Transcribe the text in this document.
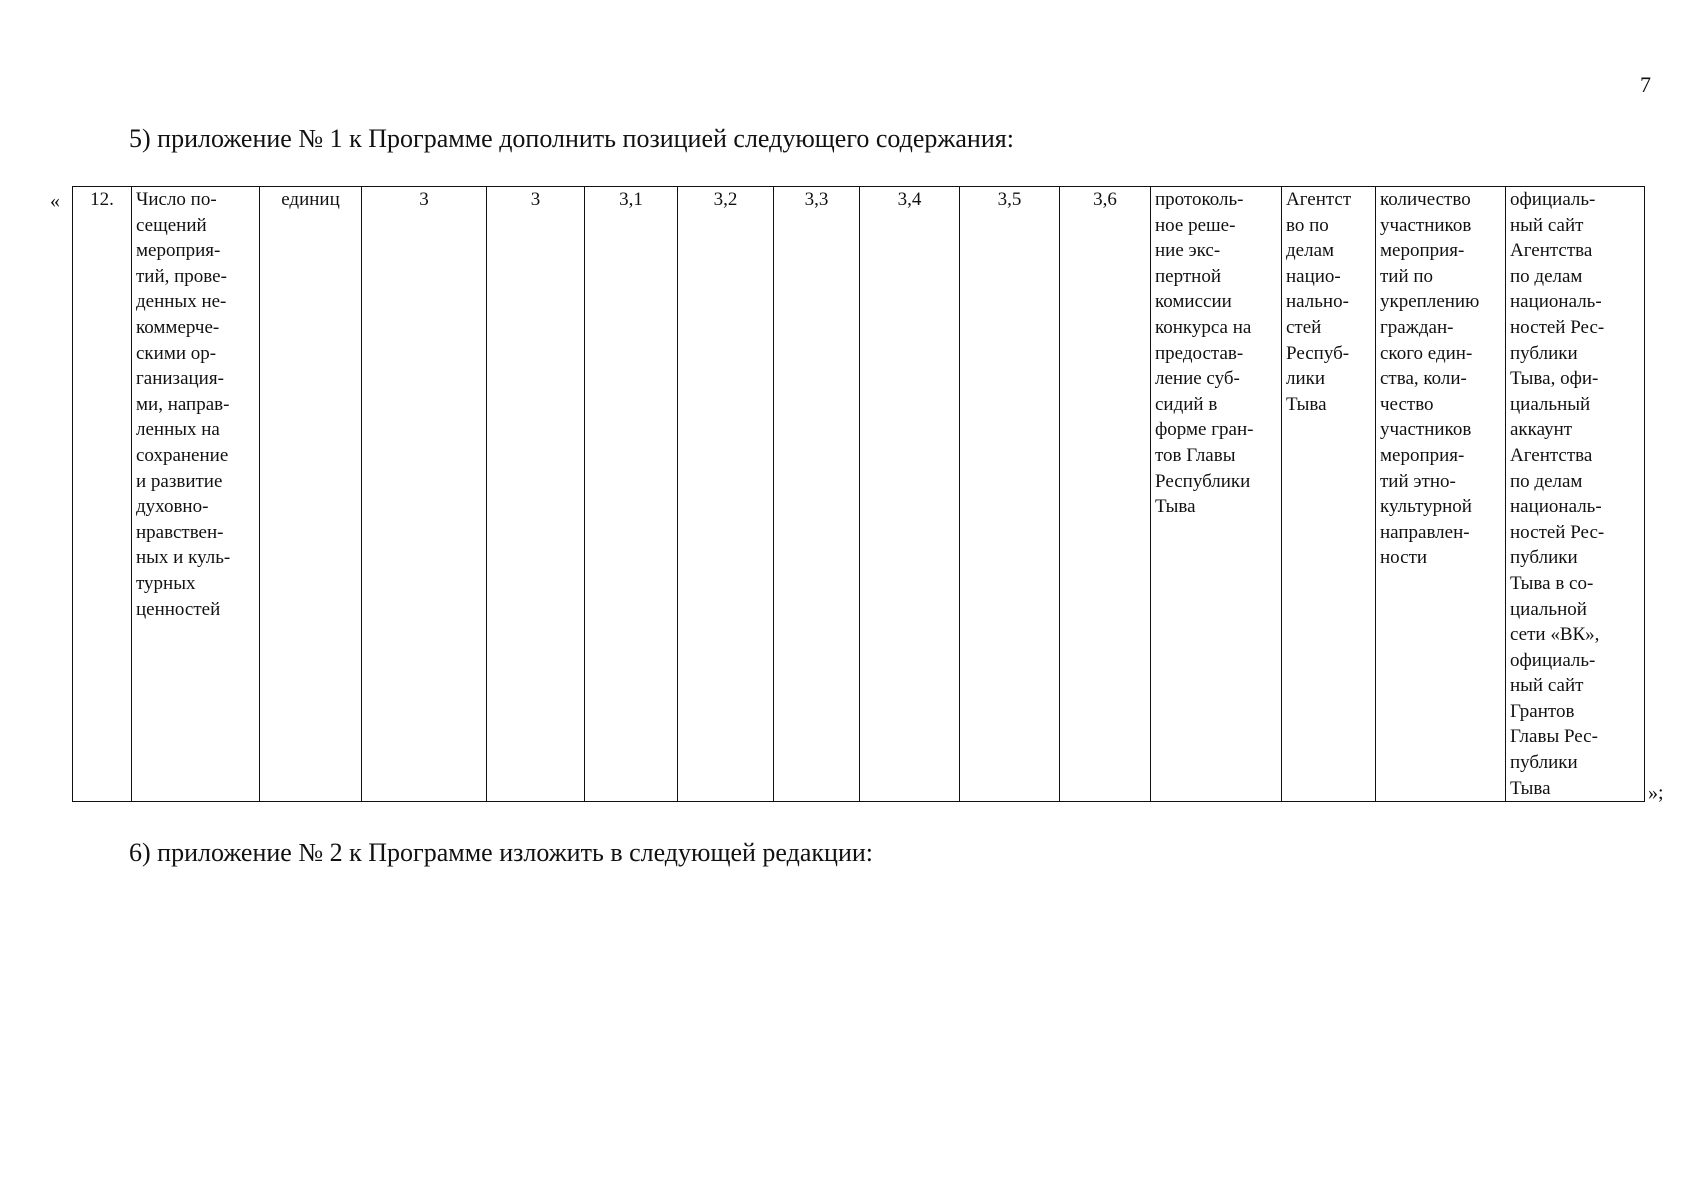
7
5) приложение № 1 к Программе дополнить позицией следующего содержания:
« 12.	Число по-
сещений
мероприя-
тий, прове-
денных не-
коммерче-
скими ор-
ганизация-
ми, направ-
ленных на
сохранение
и развитие
духовно-
нравствен-
ных и куль-
турных
ценностей	единиц	3	3	3,1	3,2	3,3	3,4	3,5	3,6	протоколь-
ное реше-
ние экс-
пертной
комиссии
конкурса на
предостав-
ление суб-
сидий в
форме гран-
тов Главы
Республики
Тыва	Агентст
во по
делам
нацио-
нально-
стей
Респуб-
лики
Тыва	количество
участников
мероприя-
тий по
укреплению
граждан-
ского един-
ства, коли-
чество
участников
мероприя-
тий этно-
культурной
направлен-
ности	официаль-
ный сайт
Агентства
по делам
националь-
ностей Рес-
публики
Тыва, офи-
циальный
аккаунт
Агентства
по делам
националь-
ностей Рес-
публики
Тыва в со-
циальной
сети «ВК»,
официаль-
ный сайт
Грантов
Главы Рес-
публики
Тыва	»;
6) приложение № 2 к Программе изложить в следующей редакции:
